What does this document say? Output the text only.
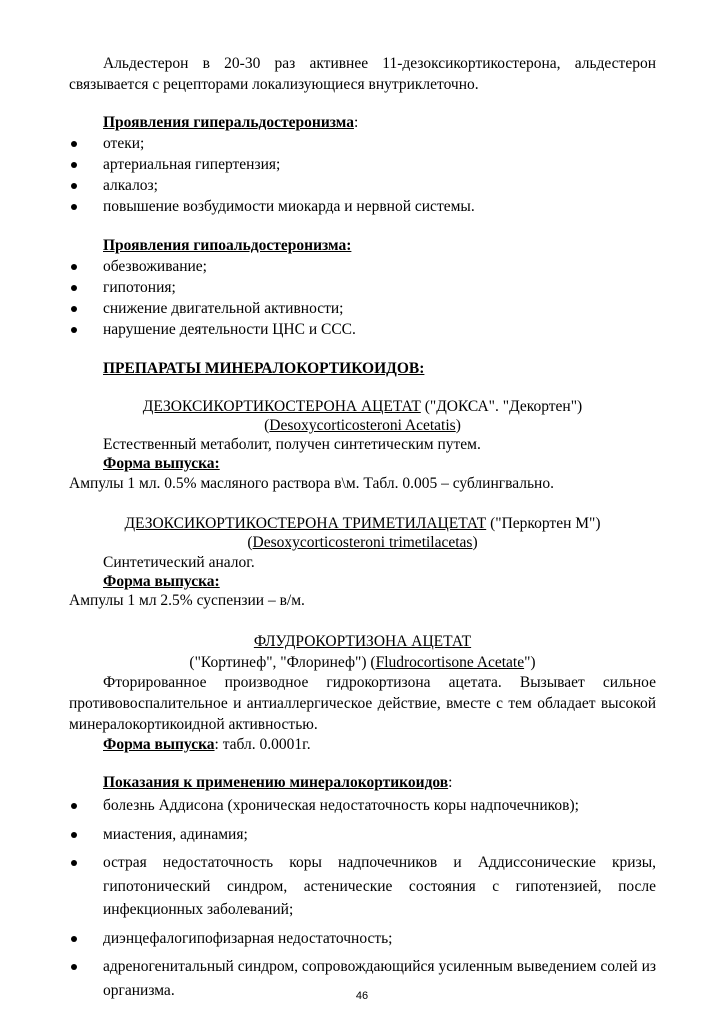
Альдестерон в 20-30 раз активнее 11-дезоксикортикостерона, альдестерон связывается с рецепторами локализующиеся внутриклеточно.

Проявления гиперальдостеронизма:

отеки;
артериальная гипертензия;
алкалоз;
повышение возбудимости миокарда и нервной системы.

Проявления гипоальдостеронизма:

обезвоживание;
гипотония;
снижение двигательной активности;
нарушение деятельности ЦНС и ССС.

ПРЕПАРАТЫ МИНЕРАЛОКОРТИКОИДОВ:

ДЕЗОКСИКОРТИКОСТЕРОНА АЦЕТАТ ("ДОКСА". "Декортен")

(Desoxycorticosteroni Acetatis)

Естественный метаболит, получен синтетическим путем.

Форма выпуска:

Ампулы 1 мл. 0.5% масляного раствора в\м. Табл. 0.005 – сублингвально.

ДЕЗОКСИКОРТИКОСТЕРОНА ТРИМЕТИЛАЦЕТАТ ("Перкортен М")

(Desoxycorticosteroni trimetilacetas)

Синтетический аналог.

Форма выпуска:

Ампулы 1 мл 2.5% суспензии – в/м.

ФЛУДРОКОРТИЗОНА АЦЕТАТ

("Кортинеф", "Флоринеф") (Fludrocortisone Acetate")

Фторированное производное гидрокортизона ацетата. Вызывает сильное противовоспалительное и антиаллергическое действие, вместе с тем обладает высокой минералокортикоидной активностью.

Форма выпуска: табл. 0.0001г.

Показания к применению минералокортикоидов:

болезнь Аддисона (хроническая недостаточность коры надпочечников);
миастения, адинамия;
острая недостаточность коры надпочечников и Аддиссонические кризы, гипотонический синдром, астенические состояния с гипотензией, после инфекционных заболеваний;
диэнцефалогипофизарная недостаточность;
адреногенитальный синдром, сопровождающийся усиленным выведением солей из организма.	46
